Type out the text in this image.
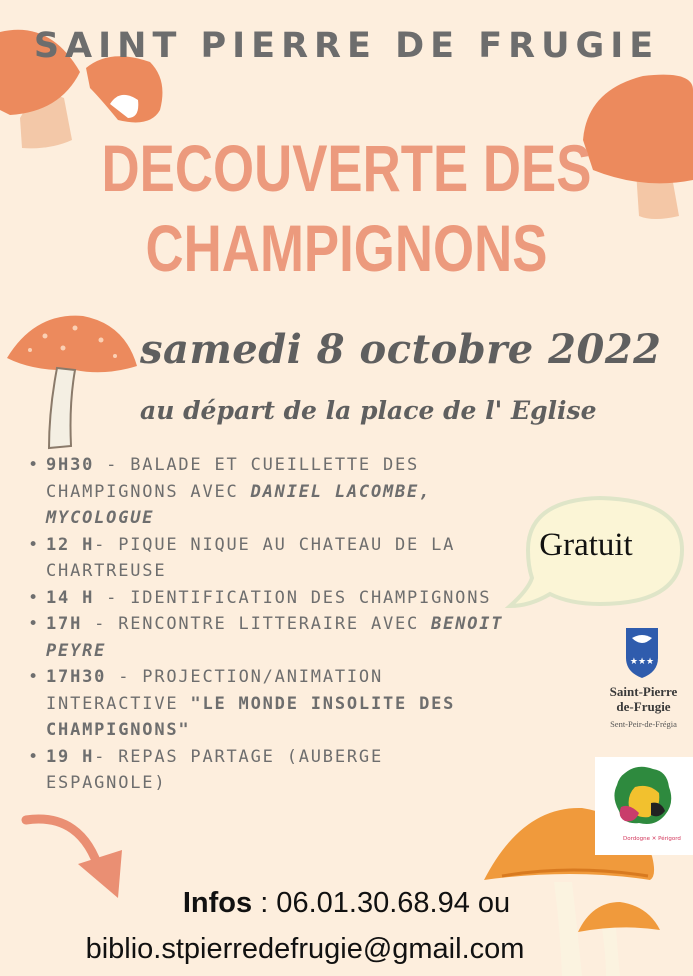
SAINT PIERRE DE FRUGIE
DECOUVERTE DES
CHAMPIGNONS
samedi 8 octobre 2022
au départ de la place de l' Eglise
• 9H30 - BALADE ET CUEILLETTE DES CHAMPIGNONS AVEC DANIEL LACOMBE, MYCOLOGUE
• 12 H- PIQUE NIQUE AU CHATEAU DE LA CHARTREUSE
• 14 H - IDENTIFICATION DES CHAMPIGNONS
• 17H - RENCONTRE LITTERAIRE AVEC BENOIT PEYRE
• 17H30 - PROJECTION/ANIMATION INTERACTIVE "LE MONDE INSOLITE DES CHAMPIGNONS"
• 19 H- REPAS PARTAGE (AUBERGE ESPAGNOLE)
Gratuit
★★★
Saint-Pierre
de-Frugie
Sent-Peir-de-Frégia
Dordogne ✕ Périgord
Infos : 06.01.30.68.94 ou
biblio.stpierredefrugie@gmail.com
